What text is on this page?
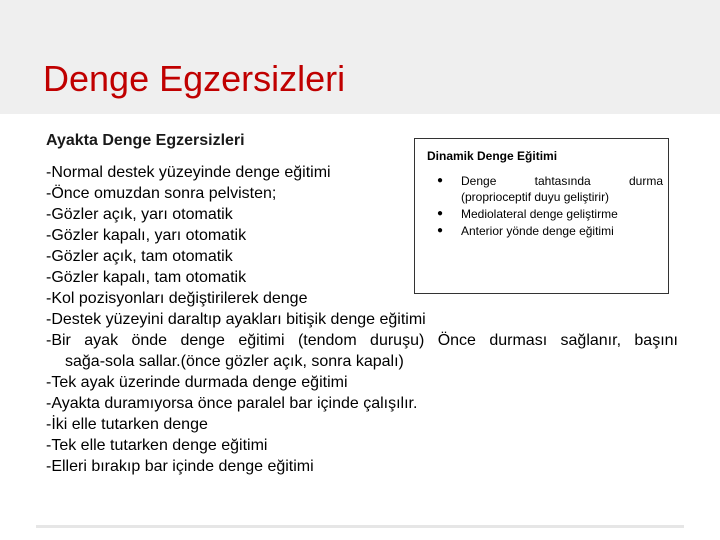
Denge Egzersizleri
Ayakta Denge Egzersizleri
-Normal destek yüzeyinde denge eğitimi
-Önce omuzdan sonra pelvisten;
-Gözler açık, yarı otomatik
-Gözler kapalı, yarı otomatik
-Gözler açık, tam otomatik
-Gözler kapalı, tam otomatik
-Kol pozisyonları değiştirilerek denge
-Destek yüzeyini daraltıp ayakları bitişik denge eğitimi
-Bir ayak önde denge eğitimi (tendom duruşu) Önce durması sağlanır, başını
sağa-sola sallar.(önce gözler açık, sonra kapalı)
-Tek ayak üzerinde durmada denge eğitimi
-Ayakta duramıyorsa önce paralel bar içinde çalışılır.
-İki elle tutarken denge
-Tek elle tutarken denge eğitimi
-Elleri bırakıp bar içinde denge eğitimi
Dinamik Denge Eğitimi
● Denge tahtasında durma
(proprioceptif duyu geliştirir)
● Mediolateral denge geliştirme
● Anterior yönde denge eğitimi
